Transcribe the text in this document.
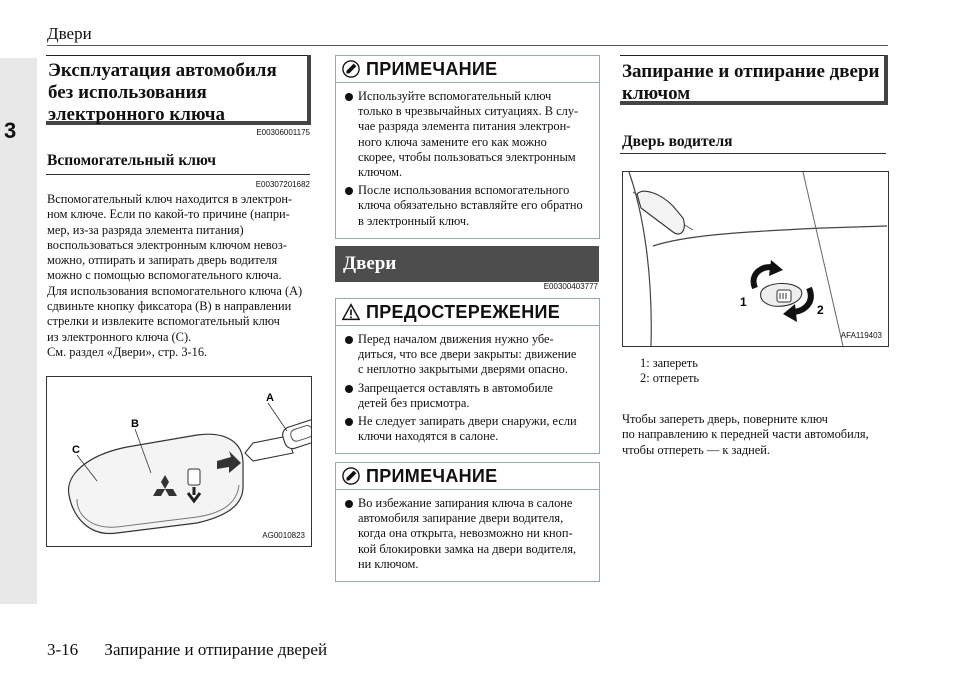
Двери
3
3-16 Запирание и отпирание дверей
Эксплуатация автомобиля
без использования
электронного ключа
E00306001175
Вспомогательный ключ
E00307201682
Вспомогательный ключ находится в электрон-
ном ключе. Если по какой-то причине (напри-
мер, из-за разряда элемента питания)
воспользоваться электронным ключом невоз-
можно, отпирать и запирать дверь водителя
можно с помощью вспомогательного ключа.
Для использования вспомогательного ключа (A)
сдвиньте кнопку фиксатора (B) в направлении
стрелки и извлеките вспомогательный ключ
из электронного ключа (C).
См. раздел «Двери», стр. 3-16.
A
B
C
AG0010823
ПРИМЕЧАНИЕ
Используйте вспомогательный ключ
только в чрезвычайных ситуациях. В слу-
чае разряда элемента питания электрон-
ного ключа замените его как можно
скорее, чтобы пользоваться электронным
ключом.
После использования вспомогательного
ключа обязательно вставляйте его обратно
в электронный ключ.
Двери
E00300403777
ПРЕДОСТЕРЕЖЕНИЕ
Перед началом движения нужно убе-
диться, что все двери закрыты: движение
с неплотно закрытыми дверями опасно.
Запрещается оставлять в автомобиле
детей без присмотра.
Не следует запирать двери снаружи, если
ключи находятся в салоне.
ПРИМЕЧАНИЕ
Во избежание запирания ключа в салоне
автомобиля запирание двери водителя,
когда она открыта, невозможно ни кноп-
кой блокировки замка на двери водителя,
ни ключом.
Запирание и отпирание двери
ключом
Дверь водителя
1
2
AFA119403
1: запереть
2: отпереть
Чтобы запереть дверь, поверните ключ
по направлению к передней части автомобиля,
чтобы отпереть — к задней.
